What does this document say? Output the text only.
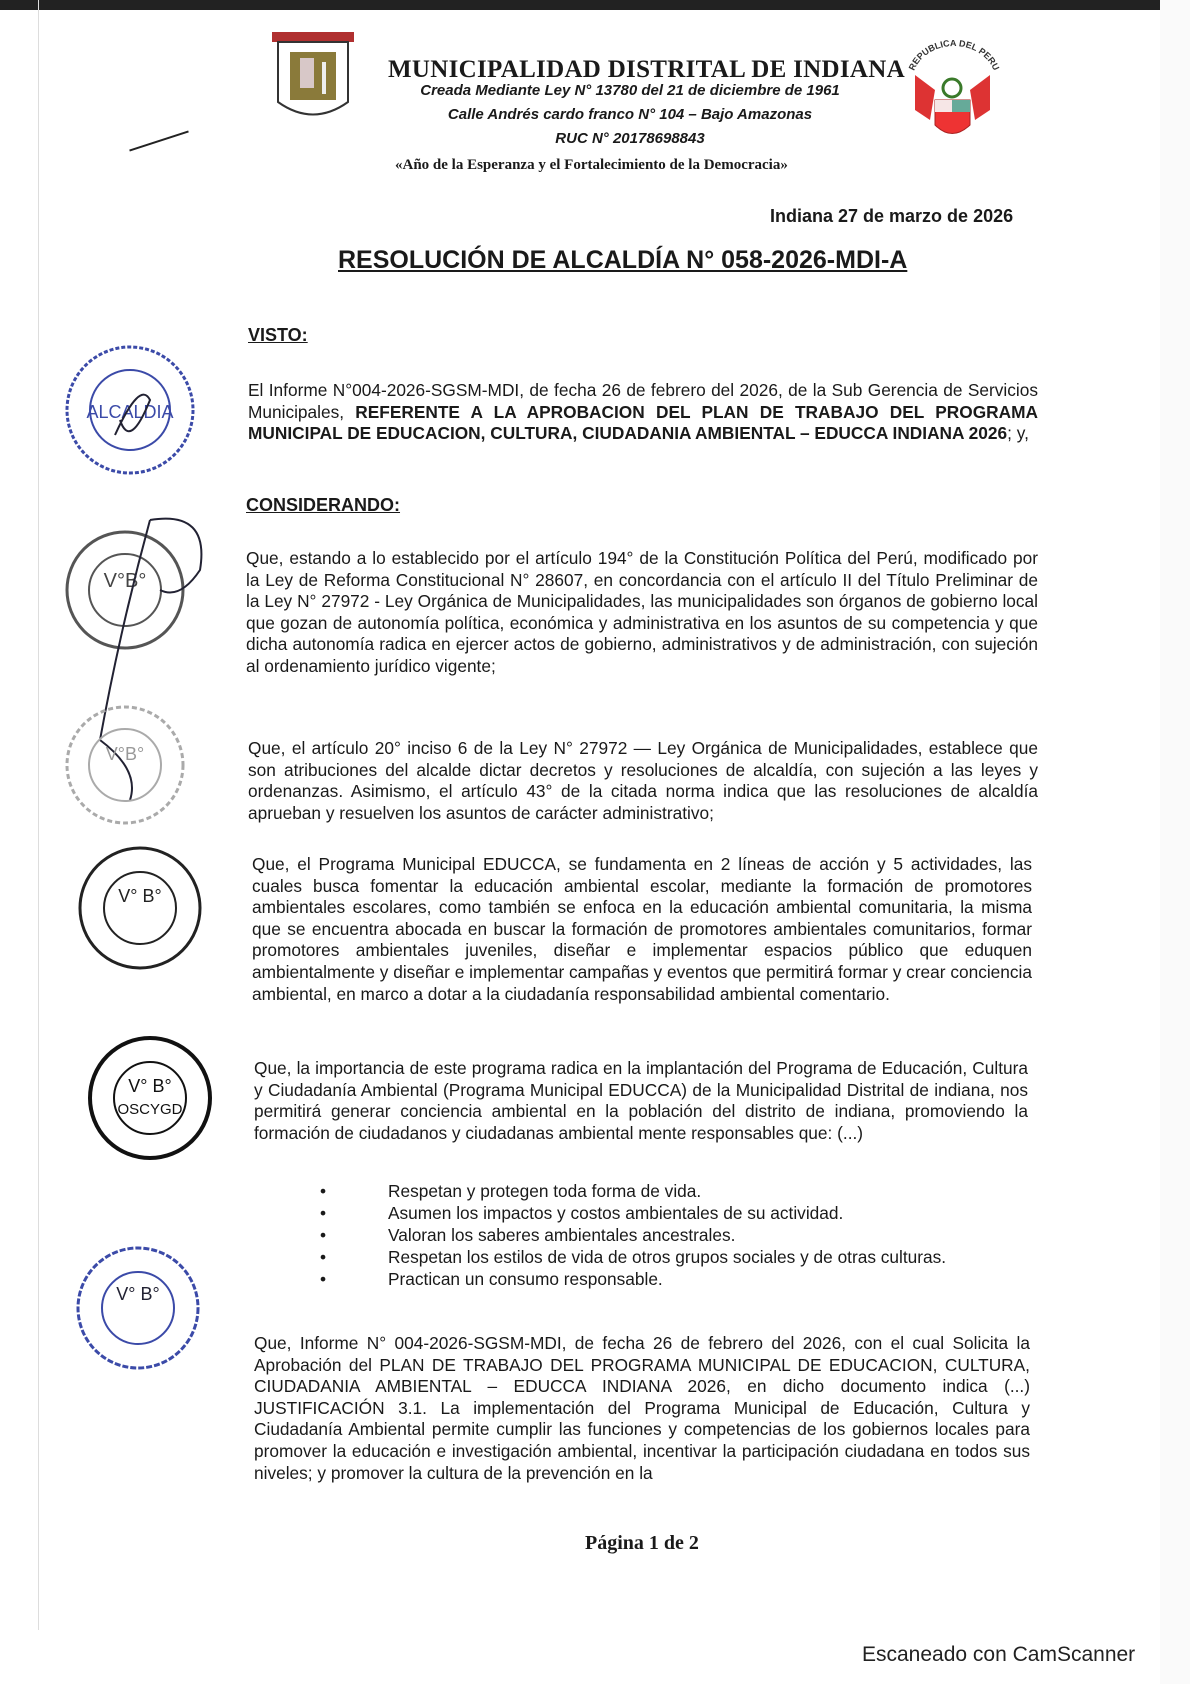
REPUBLICA DEL PERU
MUNICIPALIDAD DISTRITAL DE INDIANA
Creada Mediante Ley N° 13780 del 21 de diciembre de 1961
Calle Andrés cardo franco N° 104 – Bajo Amazonas
RUC N° 20178698843
«Año de la Esperanza y el Fortalecimiento de la Democracia»
Indiana 27 de marzo de 2026
RESOLUCIÓN DE ALCALDÍA N° 058-2026-MDI-A
VISTO:
El Informe N°004-2026-SGSM-MDI, de fecha 26 de febrero del 2026, de la Sub Gerencia de Servicios Municipales, REFERENTE A LA APROBACION DEL PLAN DE TRABAJO DEL PROGRAMA MUNICIPAL DE EDUCACION, CULTURA, CIUDADANIA AMBIENTAL – EDUCCA INDIANA 2026; y,
CONSIDERANDO:
Que, estando a lo establecido por el artículo 194° de la Constitución Política del Perú, modificado por la Ley de Reforma Constitucional N° 28607, en concordancia con el artículo II del Título Preliminar de la Ley N° 27972 - Ley Orgánica de Municipalidades, las municipalidades son órganos de gobierno local que gozan de autonomía política, económica y administrativa en los asuntos de su competencia y que dicha autonomía radica en ejercer actos de gobierno, administrativos y de administración, con sujeción al ordenamiento jurídico vigente;
Que, el artículo 20° inciso 6 de la Ley N° 27972 — Ley Orgánica de Municipalidades, establece que son atribuciones del alcalde dictar decretos y resoluciones de alcaldía, con sujeción a las leyes y ordenanzas. Asimismo, el artículo 43° de la citada norma indica que las resoluciones de alcaldía aprueban y resuelven los asuntos de carácter administrativo;
Que, el Programa Municipal EDUCCA, se fundamenta en 2 líneas de acción y 5 actividades, las cuales busca fomentar la educación ambiental escolar, mediante la formación de promotores ambientales escolares, como también se enfoca en la educación ambiental comunitaria, la misma que se encuentra abocada en buscar la formación de promotores ambientales comunitarios, formar promotores ambientales juveniles, diseñar e implementar espacios público que eduquen ambientalmente y diseñar e implementar campañas y eventos que permitirá formar y crear conciencia ambiental, en marco a dotar a la ciudadanía responsabilidad ambiental comentario.
Que, la importancia de este programa radica en la implantación del Programa de Educación, Cultura y Ciudadanía Ambiental (Programa Municipal EDUCCA) de la Municipalidad Distrital de indiana, nos permitirá generar conciencia ambiental en la población del distrito de indiana, promoviendo la formación de ciudadanos y ciudadanas ambiental mente responsables que: (...)
• Respetan y protegen toda forma de vida.
• Asumen los impactos y costos ambientales de su actividad.
• Valoran los saberes ambientales ancestrales.
• Respetan los estilos de vida de otros grupos sociales y de otras culturas.
• Practican un consumo responsable.
Que, Informe N° 004-2026-SGSM-MDI, de fecha 26 de febrero del 2026, con el cual Solicita la Aprobación del PLAN DE TRABAJO DEL PROGRAMA MUNICIPAL DE EDUCACION, CULTURA, CIUDADANIA AMBIENTAL – EDUCCA INDIANA 2026, en dicho documento indica (...) JUSTIFICACIÓN 3.1. La implementación del Programa Municipal de Educación, Cultura y Ciudadanía Ambiental permite cumplir las funciones y competencias de los gobiernos locales para promover la educación e investigación ambiental, incentivar la participación ciudadana en todos sus niveles; y promover la cultura de la prevención en la
ALCALDIA
V°B°
V°B°
V° B°
V° B°
OSCYGD
V° B°
Página 1 de 2
Escaneado con CamScanner
